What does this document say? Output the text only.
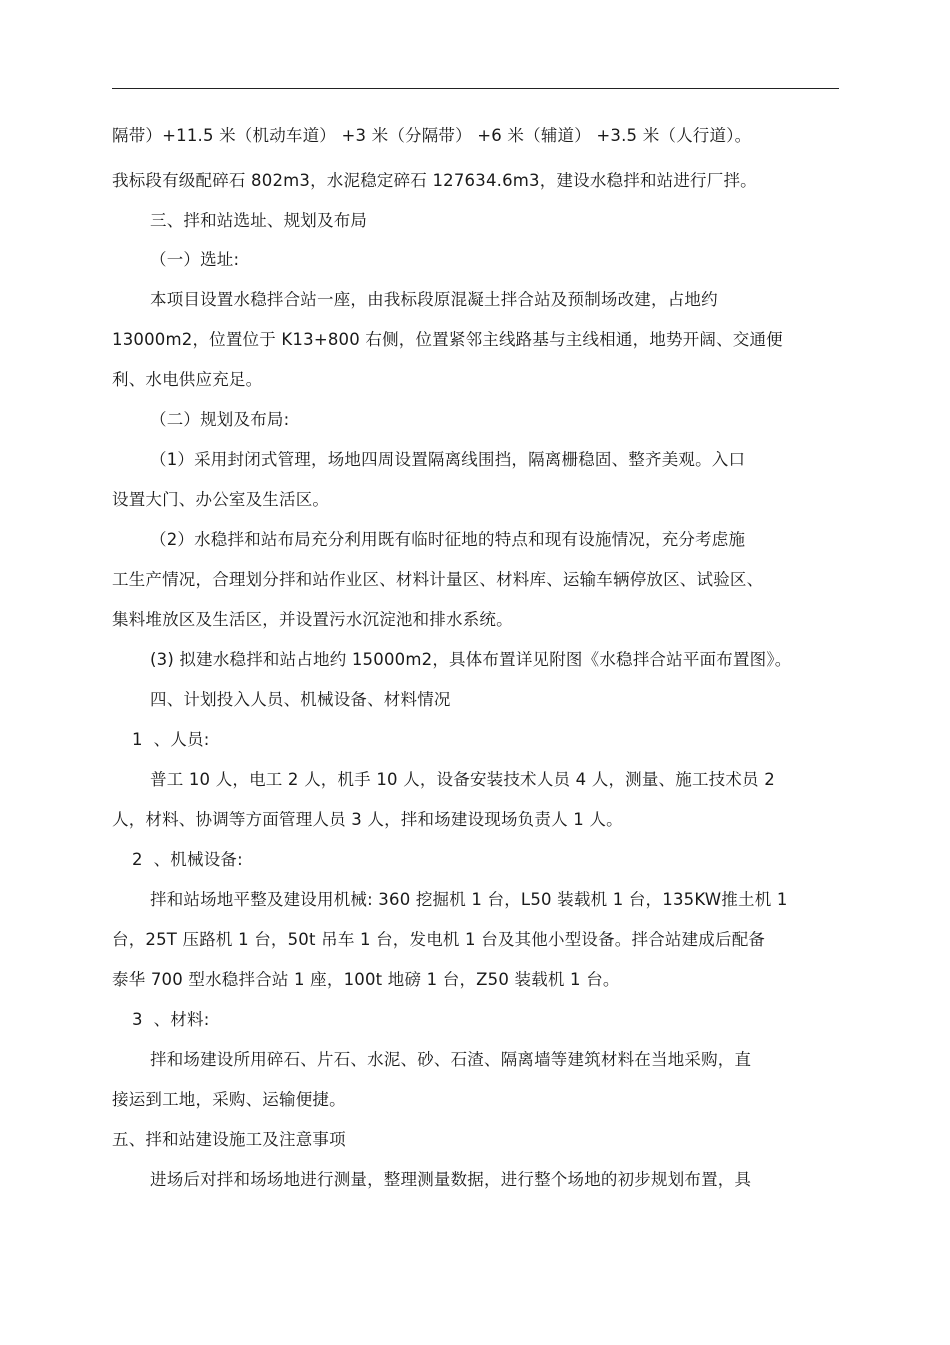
隔带）+11.5 米（机动车道） +3 米（分隔带） +6 米（辅道） +3.5 米（人行道）。
我标段有级配碎石 802m3，水泥稳定碎石 127634.6m3，建设水稳拌和站进行厂拌。
三、拌和站选址、规划及布局
（一）选址:
本项目设置水稳拌合站一座，由我标段原混凝土拌合站及预制场改建，占地约
13000m2，位置位于 K13+800 右侧，位置紧邻主线路基与主线相通，地势开阔、交通便
利、水电供应充足。
（二）规划及布局:
（1）采用封闭式管理，场地四周设置隔离线围挡，隔离栅稳固、整齐美观。入口
设置大门、办公室及生活区。
（2）水稳拌和站布局充分利用既有临时征地的特点和现有设施情况，充分考虑施
工生产情况，合理划分拌和站作业区、材料计量区、材料库、运输车辆停放区、试验区、
集料堆放区及生活区，并设置污水沉淀池和排水系统。
(3) 拟建水稳拌和站占地约 15000m2，具体布置详见附图《水稳拌合站平面布置图》。
四、计划投入人员、机械设备、材料情况
1  、人员:
普工 10 人，电工 2 人，机手 10 人，设备安装技术人员 4 人，测量、施工技术员 2
人，材料、协调等方面管理人员 3 人，拌和场建设现场负责人 1 人。
2  、机械设备:
拌和站场地平整及建设用机械: 360 挖掘机 1 台，L50 装载机 1 台，135KW推土机 1
台，25T 压路机 1 台，50t 吊车 1 台，发电机 1 台及其他小型设备。拌合站建成后配备
泰华 700 型水稳拌合站 1 座，100t 地磅 1 台，Z50 装载机 1 台。
3  、材料:
拌和场建设所用碎石、片石、水泥、砂、石渣、隔离墙等建筑材料在当地采购，直
接运到工地，采购、运输便捷。
五、拌和站建设施工及注意事项
进场后对拌和场场地进行测量，整理测量数据，进行整个场地的初步规划布置，具
